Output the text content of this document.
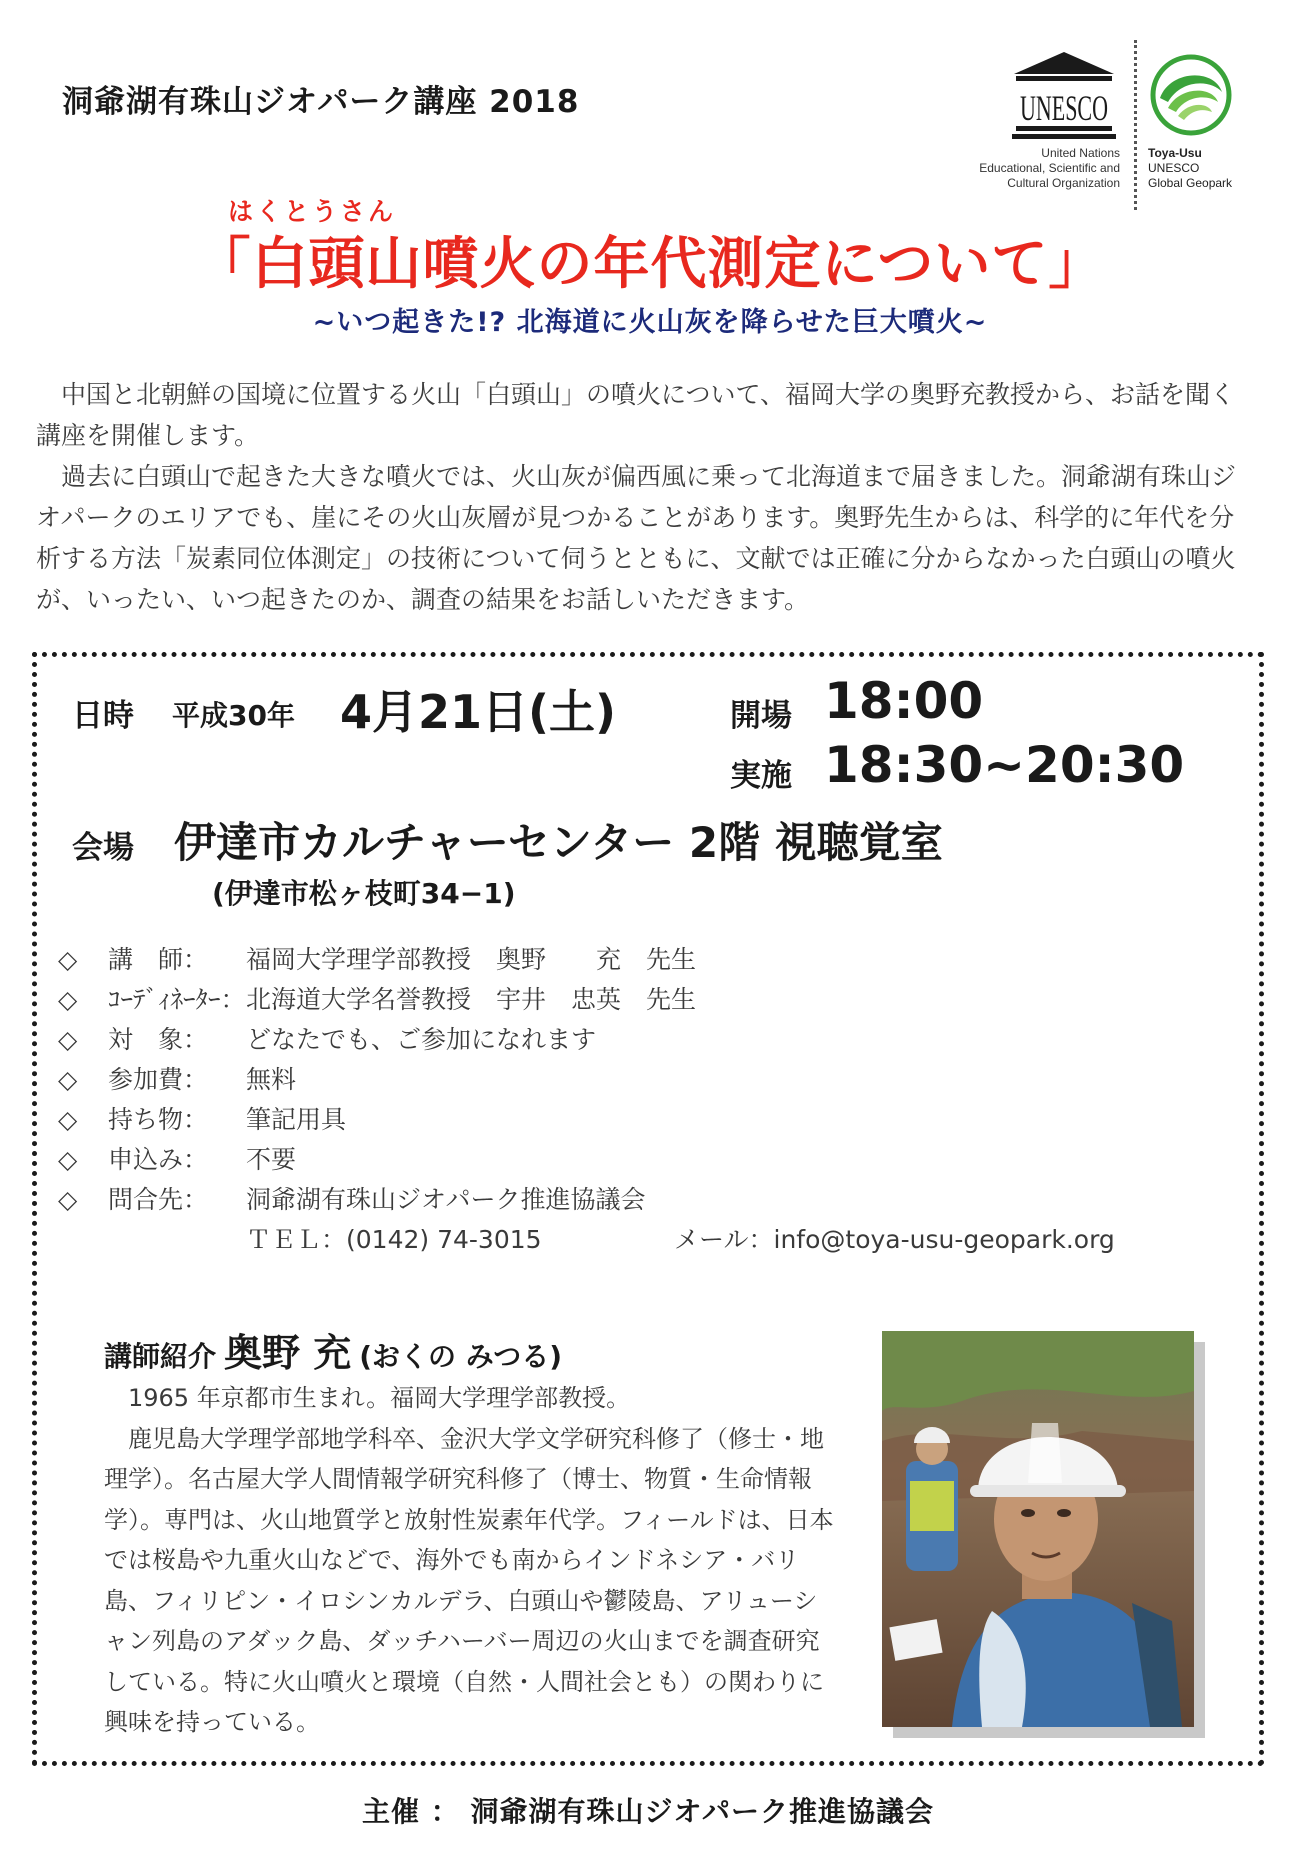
洞爺湖有珠山ジオパーク講座 2018	UNESCO
United Nations
Educational, Scientific and
Cultural Organization
Toya-Usu
UNESCO
Global Geopark
はくとうさん
「白頭山噴火の年代測定について」
~いつ起きた!? 北海道に火山灰を降らせた巨大噴火~

中国と北朝鮮の国境に位置する火山「白頭山」の噴火について、福岡大学の奥野充教授から、お話を聞く講座を開催します。

過去に白頭山で起きた大きな噴火では、火山灰が偏西風に乗って北海道まで届きました。洞爺湖有珠山ジオパークのエリアでも、崖にその火山灰層が見つかることがあります。奥野先生からは、科学的に年代を分析する方法「炭素同位体測定」の技術について伺うとともに、文献では正確に分からなかった白頭山の噴火が、いったい、いつ起きたのか、調査の結果をお話しいただきます。

日時 平成30年 4月21日(土)	開場 18:00
実施 18:30~20:30
会場 伊達市カルチャーセンター 2階 視聴覚室
(伊達市松ヶ枝町34−1)
◇ 講　師：	福岡大学理学部教授　奥野　　充　先生
◇ ｺｰﾃﾞｨﾈｰﾀｰ： 北海道大学名誉教授　宇井　忠英　先生
◇ 対　象：	どなたでも、ご参加になれます
◇ 参加費：	無料
◇ 持ち物：	筆記用具
◇ 申込み：	不要
◇ 問合先：	洞爺湖有珠山ジオパーク推進協議会
ＴＥＬ：(0142) 74-3015	メール：info@toya-usu-geopark.org
講師紹介 奥野 充 (おくの みつる)

1965 年京都市生まれ。福岡大学理学部教授。

鹿児島大学理学部地学科卒、金沢大学文学研究科修了（修士・地理学）。名古屋大学人間情報学研究科修了（博士、物質・生命情報学）。専門は、火山地質学と放射性炭素年代学。フィールドは、日本では桜島や九重火山などで、海外でも南からインドネシア・バリ島、フィリピン・イロシンカルデラ、白頭山や鬱陵島、アリューシャン列島のアダック島、ダッチハーバー周辺の火山までを調査研究している。特に火山噴火と環境（自然・人間社会とも）の関わりに興味を持っている。

主催 ： 洞爺湖有珠山ジオパーク推進協議会
